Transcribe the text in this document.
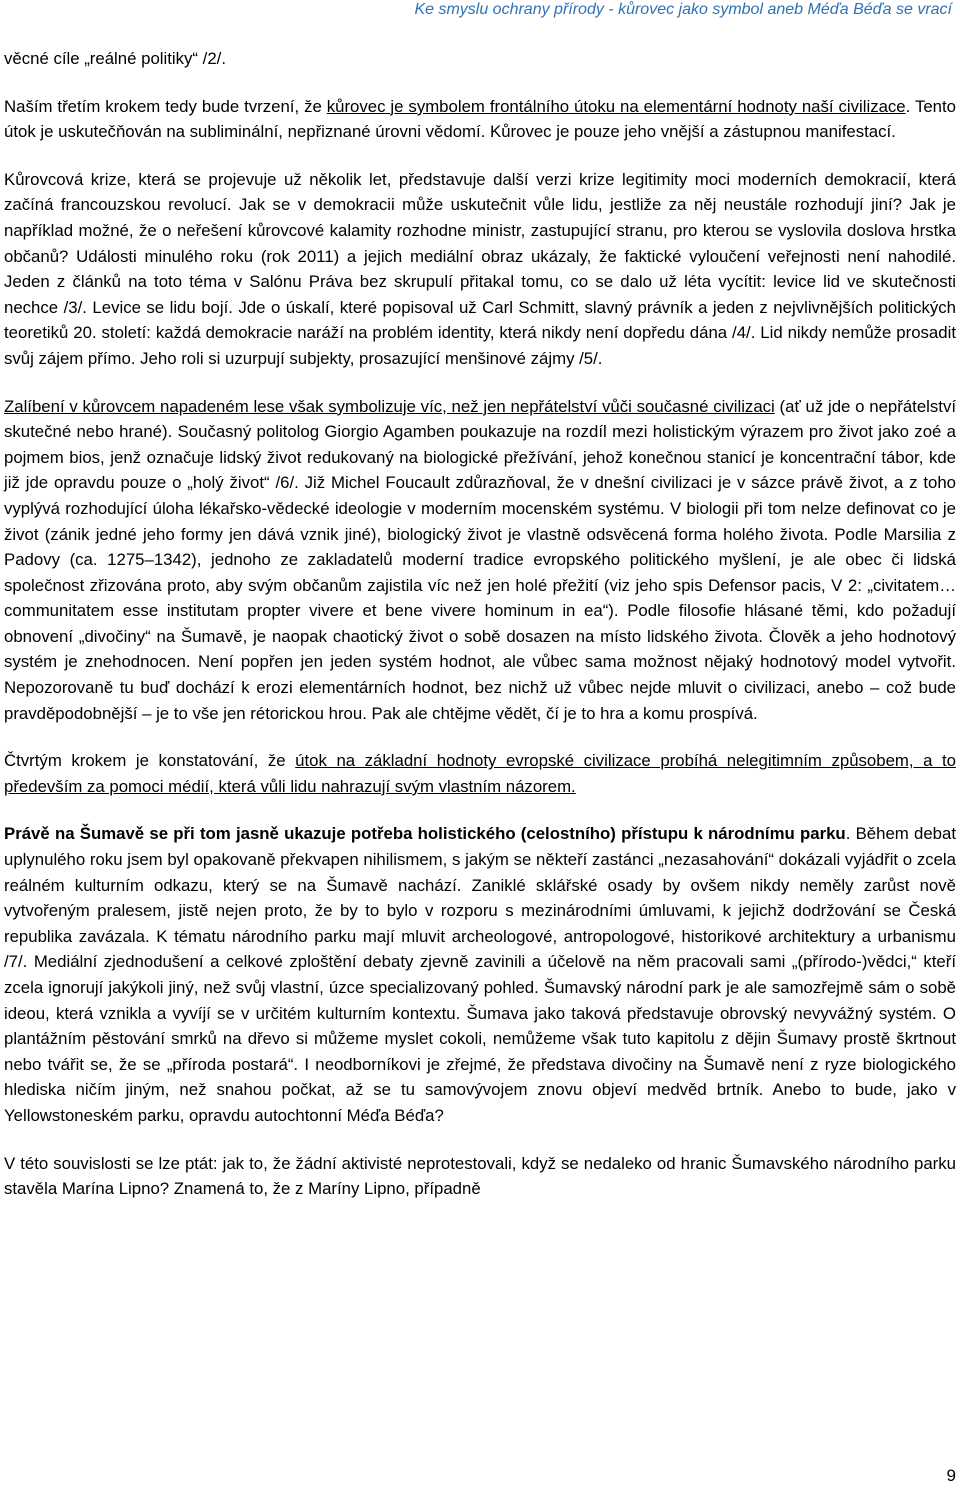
Ke smyslu ochrany přírody - kůrovec jako symbol aneb Méďa Béďa se vrací

věcné cíle „reálné politiky“ /2/.

Naším třetím krokem tedy bude tvrzení, že kůrovec je symbolem frontálního útoku na elementární hodnoty naší civilizace. Tento útok je uskutečňován na subliminální, nepřiznané úrovni vědomí. Kůrovec je pouze jeho vnější a zástupnou manifestací.

Kůrovcová krize, která se projevuje už několik let, představuje další verzi krize legitimity moci moderních demokracií, která začíná francouzskou revolucí. Jak se v demokracii může uskutečnit vůle lidu, jestliže za něj neustále rozhodují jiní? Jak je například možné, že o neřešení kůrovcové kalamity rozhodne ministr, zastupující stranu, pro kterou se vyslovila doslova hrstka občanů? Události minulého roku (rok 2011) a jejich mediální obraz ukázaly, že faktické vyloučení veřejnosti není nahodilé. Jeden z článků na toto téma v Salónu Práva bez skrupulí přitakal tomu, co se dalo už léta vycítit: levice lid ve skutečnosti nechce /3/. Levice se lidu bojí. Jde o úskalí, které popisoval už Carl Schmitt, slavný právník a jeden z nejvlivnějších politických teoretiků 20. století: každá demokracie naráží na problém identity, která nikdy není dopředu dána /4/. Lid nikdy nemůže prosadit svůj zájem přímo. Jeho roli si uzurpují subjekty, prosazující menšinové zájmy /5/.

Zalíbení v kůrovcem napadeném lese však symbolizuje víc, než jen nepřátelství vůči současné civilizaci (ať už jde o nepřátelství skutečné nebo hrané). Současný politolog Giorgio Agamben poukazuje na rozdíl mezi holistickým výrazem pro život jako zoé a pojmem bios, jenž označuje lidský život redukovaný na biologické přežívání, jehož konečnou stanicí je koncentrační tábor, kde již jde opravdu pouze o „holý život“ /6/. Již Michel Foucault zdůrazňoval, že v dnešní civilizaci je v sázce právě život, a z toho vyplývá rozhodující úloha lékařsko-vědecké ideologie v moderním mocenském systému. V biologii při tom nelze definovat co je život (zánik jedné jeho formy jen dává vznik jiné), biologický život je vlastně odsvěcená forma holého života. Podle Marsilia z Padovy (ca. 1275–1342), jednoho ze zakladatelů moderní tradice evropského politického myšlení, je ale obec či lidská společnost zřizována proto, aby svým občanům zajistila víc než jen holé přežití (viz jeho spis Defensor pacis, V 2: „civitatem… communitatem esse institutam propter vivere et bene vivere hominum in ea“). Podle filosofie hlásané těmi, kdo požadují obnovení „divočiny“ na Šumavě, je naopak chaotický život o sobě dosazen na místo lidského života. Člověk a jeho hodnotový systém je znehodnocen. Není popřen jen jeden systém hodnot, ale vůbec sama možnost nějaký hodnotový model vytvořit. Nepozorovaně tu buď dochází k erozi elementárních hodnot, bez nichž už vůbec nejde mluvit o civilizaci, anebo – což bude pravděpodobnější – je to vše jen rétorickou hrou. Pak ale chtějme vědět, čí je to hra a komu prospívá.

Čtvrtým krokem je konstatování, že útok na základní hodnoty evropské civilizace probíhá nelegitimním způsobem, a to především za pomoci médií, která vůli lidu nahrazují svým vlastním názorem.

Právě na Šumavě se při tom jasně ukazuje potřeba holistického (celostního) přístupu k národnímu parku. Během debat uplynulého roku jsem byl opakovaně překvapen nihilismem, s jakým se někteří zastánci „nezasahování“ dokázali vyjádřit o zcela reálném kulturním odkazu, který se na Šumavě nachází. Zaniklé sklářské osady by ovšem nikdy neměly zarůst nově vytvořeným pralesem, jistě nejen proto, že by to bylo v rozporu s mezinárodními úmluvami, k jejichž dodržování se Česká republika zavázala. K tématu národního parku mají mluvit archeologové, antropologové, historikové architektury a urbanismu /7/. Mediální zjednodušení a celkové zploštění debaty zjevně zavinili a účelově na něm pracovali sami „(přírodo-)vědci,“ kteří zcela ignorují jakýkoli jiný, než svůj vlastní, úzce specializovaný pohled. Šumavský národní park je ale samozřejmě sám o sobě ideou, která vznikla a vyvíjí se v určitém kulturním kontextu. Šumava jako taková představuje obrovský nevyvážný systém. O plantážním pěstování smrků na dřevo si můžeme myslet cokoli, nemůžeme však tuto kapitolu z dějin Šumavy prostě škrtnout nebo tvářit se, že se „příroda postará“. I neodborníkovi je zřejmé, že představa divočiny na Šumavě není z ryze biologického hlediska ničím jiným, než snahou počkat, až se tu samovývojem znovu objeví medvěd brtník. Anebo to bude, jako v Yellowstoneském parku, opravdu autochtonní Méďa Béďa?

V této souvislosti se lze ptát: jak to, že žádní aktivisté neprotestovali, když se nedaleko od hranic Šumavského národního parku stavěla Marína Lipno? Znamená to, že z Maríny Lipno, případně

9
